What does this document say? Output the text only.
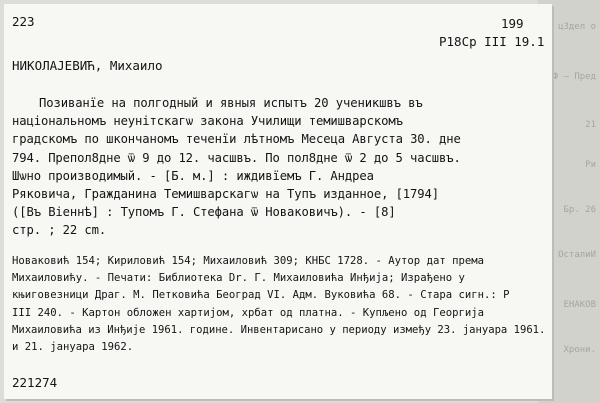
ц3дел о
Ф — Пред
21
Ри
Бр. 26
ОсталиИ
ЕНАКОВ
Хрони.
223	199
P18Cp III 19.1
НИКОЛАЈЕВИЋ, Михаило
Позиванїе на полгодный и явныя испытъ 20 ученикшвъ въ
національномъ неунітскагѡ закона Училищи темишварскомъ
градскомъ по шкончаномъ теченїи лѣтномъ Месеца Августа 30. дне
794. Препол8дне ѿ 9 до 12. часшвъ. По пол8дне ѿ 2 до 5 часшвъ.
Шѡно производимый. - [Б. м.] : иждивїемъ Г. Андреа
Ряковича, Гражданина Темишварскагѡ на Тупъ изданное, [1794]
([Въ Віеннѣ] : Тупомъ Г. Стефана ѿ Новаковичъ). - [8]
стр. ; 22 cm.
Новаковић 154; Кириловић 154; Михаиловић 309; КНБС 1728. - Аутор дат према
Михаиловићу. - Печати: Библиотека Dr. Г. Михаиловића Инђија; Израђено у
књиговезници Драг. М. Петковића Београд VI. Адм. Вуковића 68. - Стара сигн.: Р
III 240. - Картон обложен хартијом, хрбат од платна. - Купљено од Георгија
Михаиловића из Инђије 1961. године. Инвентарисано у периоду између 23. јануара 1961.
и 21. јануара 1962.
221274
